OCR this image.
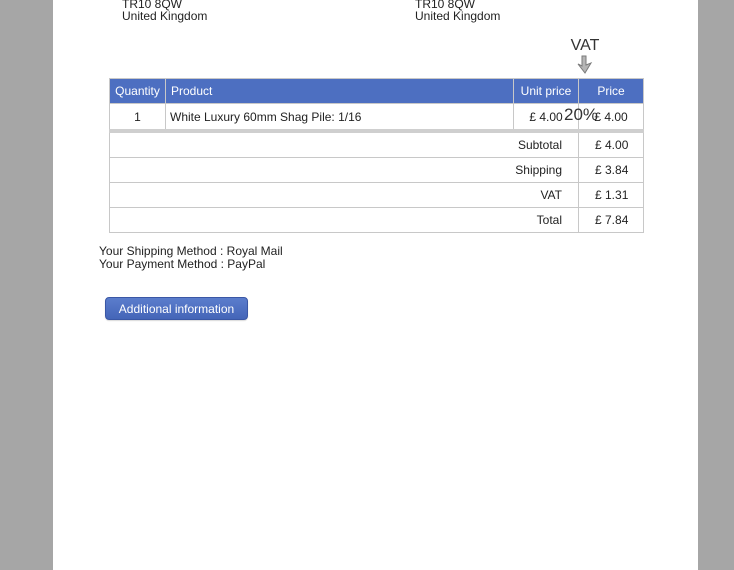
TR10 8QW
United Kingdom
TR10 8QW
United Kingdom
VAT
Quantity	Product	Unit price	Price
1	White Luxury 60mm Shag Pile: 1/16	£ 4.00	£ 4.00
20%
Subtotal	£ 4.00
Shipping	£ 3.84
VAT	£ 1.31
Total	£ 7.84
Your Shipping Method : Royal Mail
Your Payment Method : PayPal
Additional information
